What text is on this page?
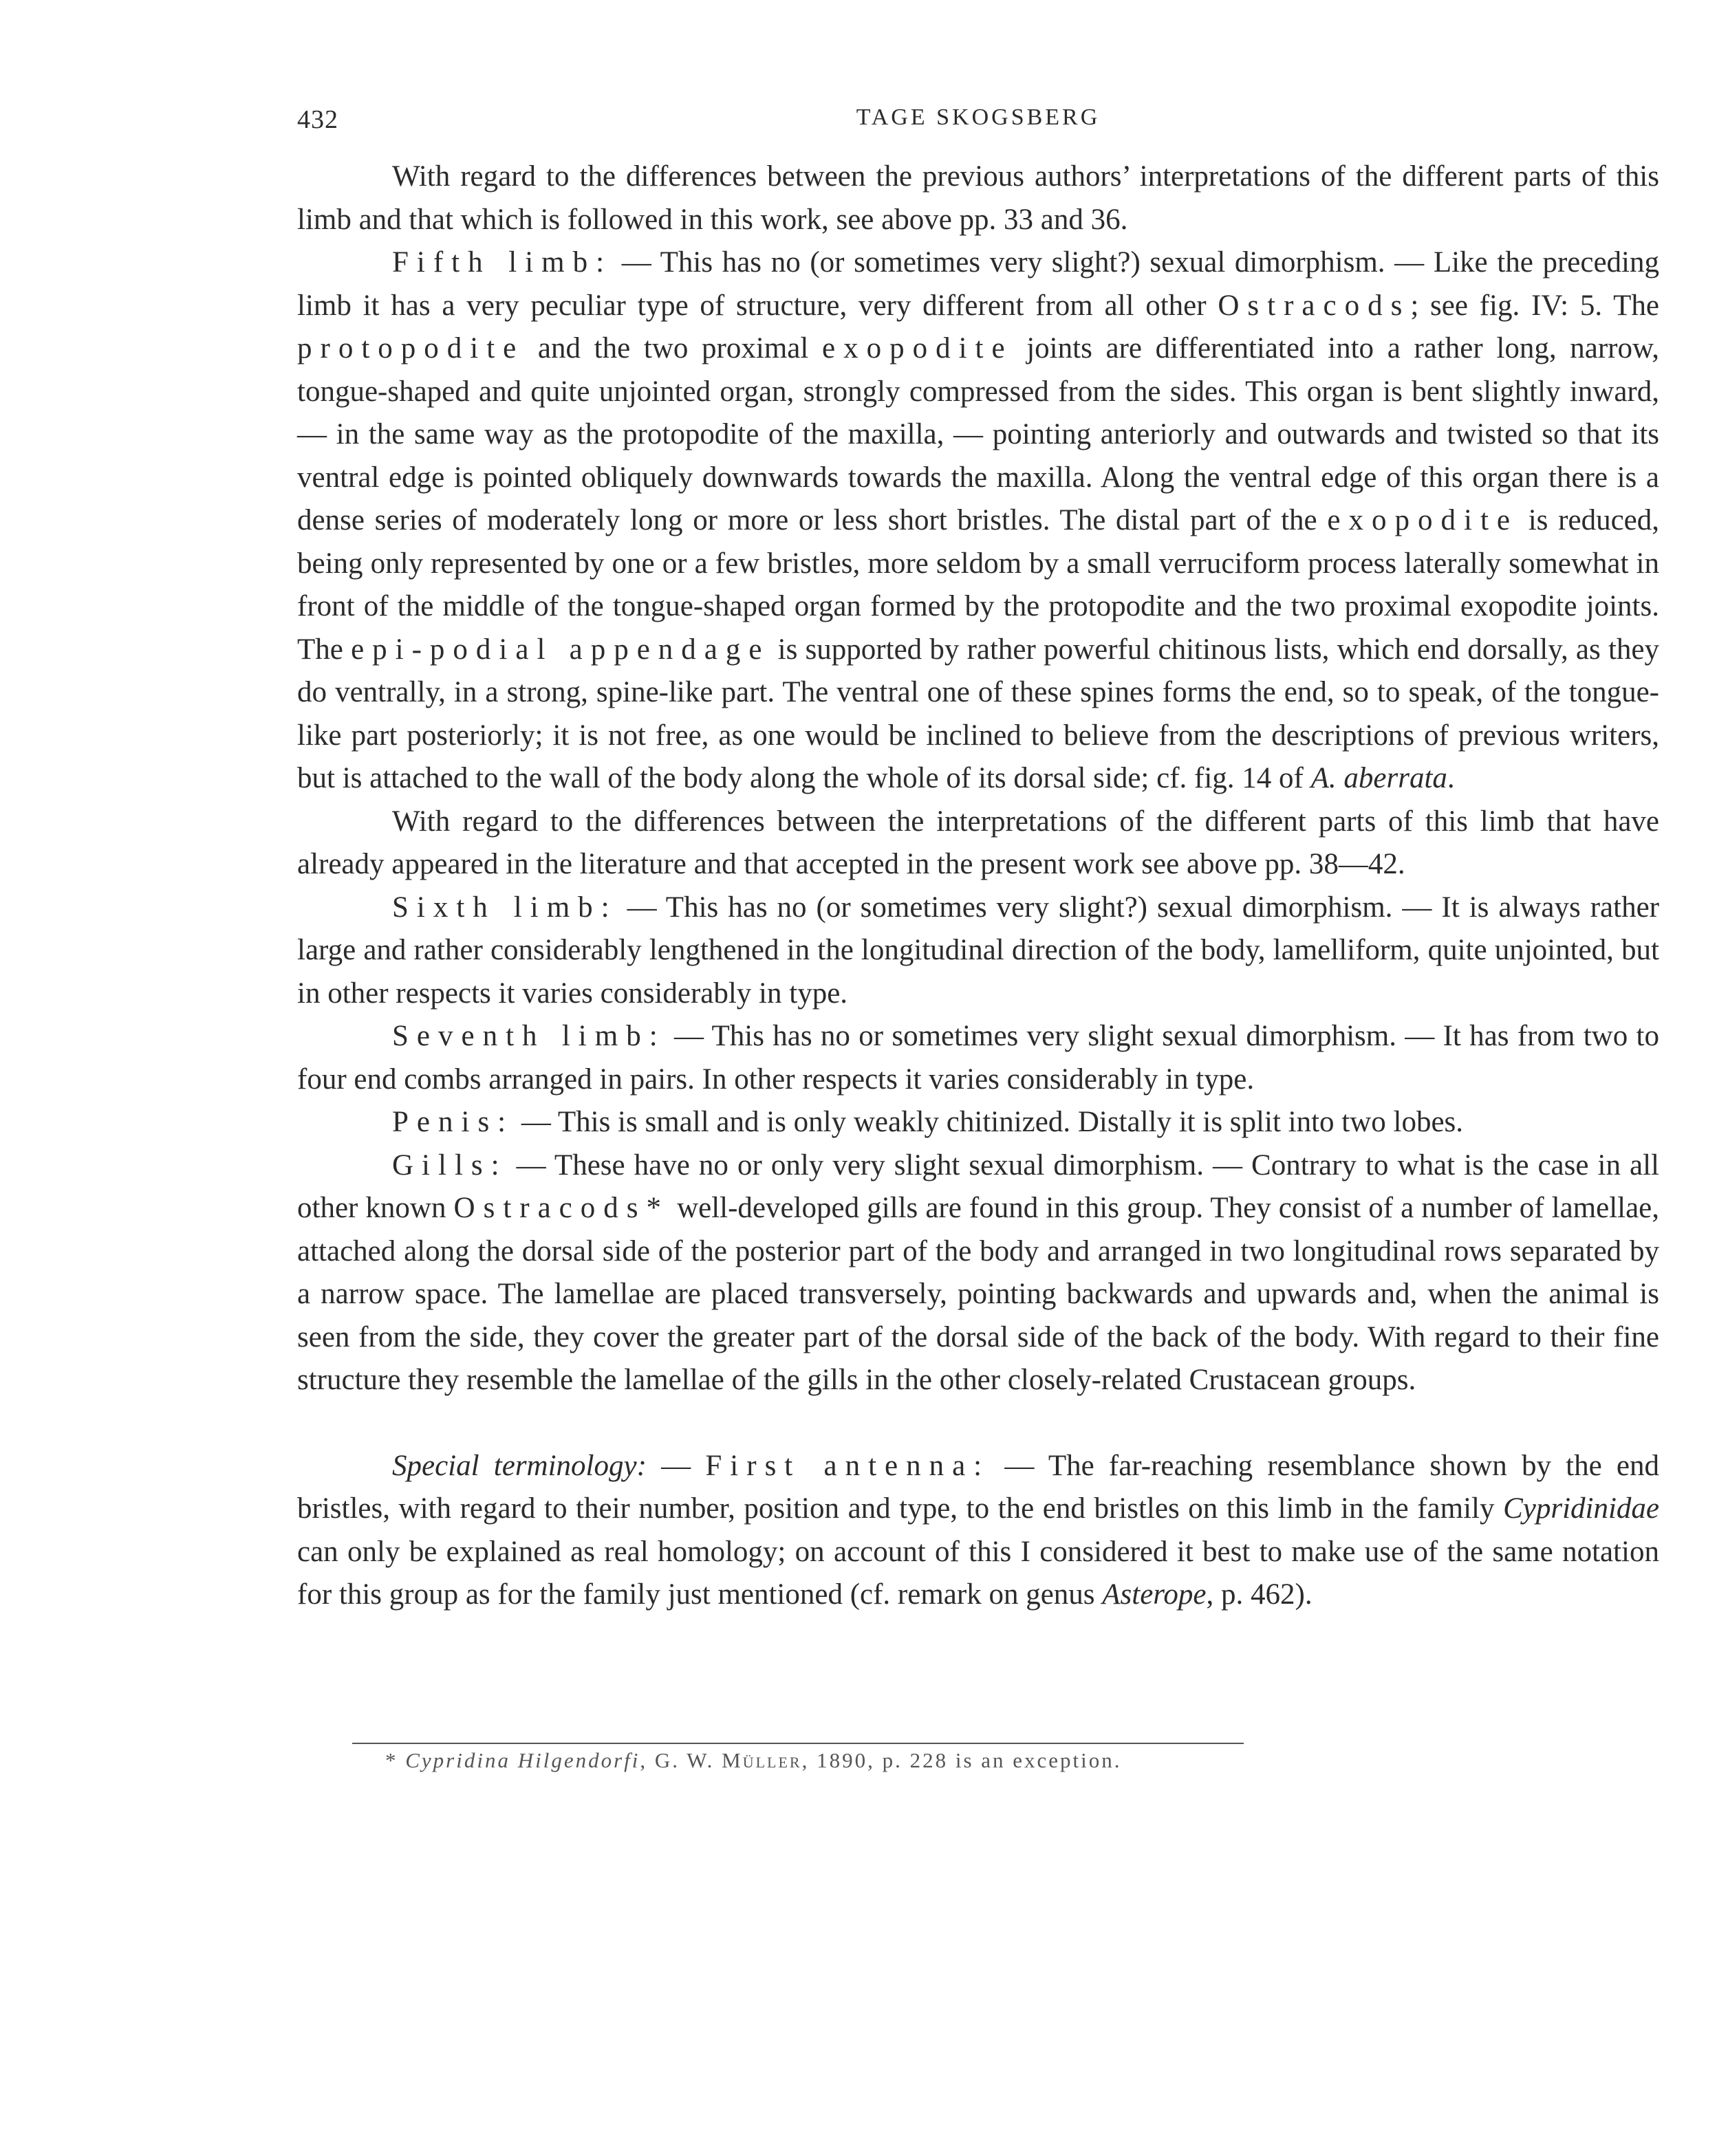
432	TAGE SKOGSBERG

With regard to the differences between the previous authors’ interpretations of the different parts of this limb and that which is followed in this work, see above pp. 33 and 36.

Fifth limb: — This has no (or sometimes very slight?) sexual dimorphism. — Like the preceding limb it has a very peculiar type of structure, very different from all other Ostracods; see fig. IV: 5. The protopodite and the two proximal exopodite joints are differentiated into a rather long, narrow, tongue-shaped and quite unjointed organ, strongly compressed from the sides. This organ is bent slightly inward, — in the same way as the protopodite of the maxilla, — pointing anteriorly and outwards and twisted so that its ventral edge is pointed obliquely downwards towards the maxilla. Along the ventral edge of this organ there is a dense series of moderately long or more or less short bristles. The distal part of the exopodite is reduced, being only represented by one or a few bristles, more seldom by a small verruciform process laterally somewhat in front of the middle of the tongue-shaped organ formed by the protopodite and the two proximal exopodite joints. The epi-podial appendage is supported by rather powerful chitinous lists, which end dorsally, as they do ventrally, in a strong, spine-like part. The ventral one of these spines forms the end, so to speak, of the tongue-like part posteriorly; it is not free, as one would be inclined to believe from the descriptions of previous writers, but is attached to the wall of the body along the whole of its dorsal side; cf. fig. 14 of A. aberrata.

With regard to the differences between the interpretations of the different parts of this limb that have already appeared in the literature and that accepted in the present work see above pp. 38—42.

Sixth limb: — This has no (or sometimes very slight?) sexual dimorphism. — It is always rather large and rather considerably lengthened in the longitudinal direction of the body, lamelliform, quite unjointed, but in other respects it varies considerably in type.

Seventh limb: — This has no or sometimes very slight sexual dimorphism. — It has from two to four end combs arranged in pairs. In other respects it varies considerably in type.

Penis: — This is small and is only weakly chitinized. Distally it is split into two lobes.

Gills: — These have no or only very slight sexual dimorphism. — Contrary to what is the case in all other known Ostracods* well-developed gills are found in this group. They consist of a number of lamellae, attached along the dorsal side of the posterior part of the body and arranged in two longitudinal rows separated by a narrow space. The lamellae are placed transversely, pointing backwards and upwards and, when the animal is seen from the side, they cover the greater part of the dorsal side of the back of the body. With regard to their fine structure they resemble the lamellae of the gills in the other closely-related Crustacean groups.

Special terminology: — First antenna: — The far-reaching resemblance shown by the end bristles, with regard to their number, position and type, to the end bristles on this limb in the family Cypridinidae can only be explained as real homology; on account of this I considered it best to make use of the same notation for this group as for the family just mentioned (cf. remark on genus Asterope, p. 462).

* Cypridina Hilgendorfi, G. W. Müller, 1890, p. 228 is an exception.
